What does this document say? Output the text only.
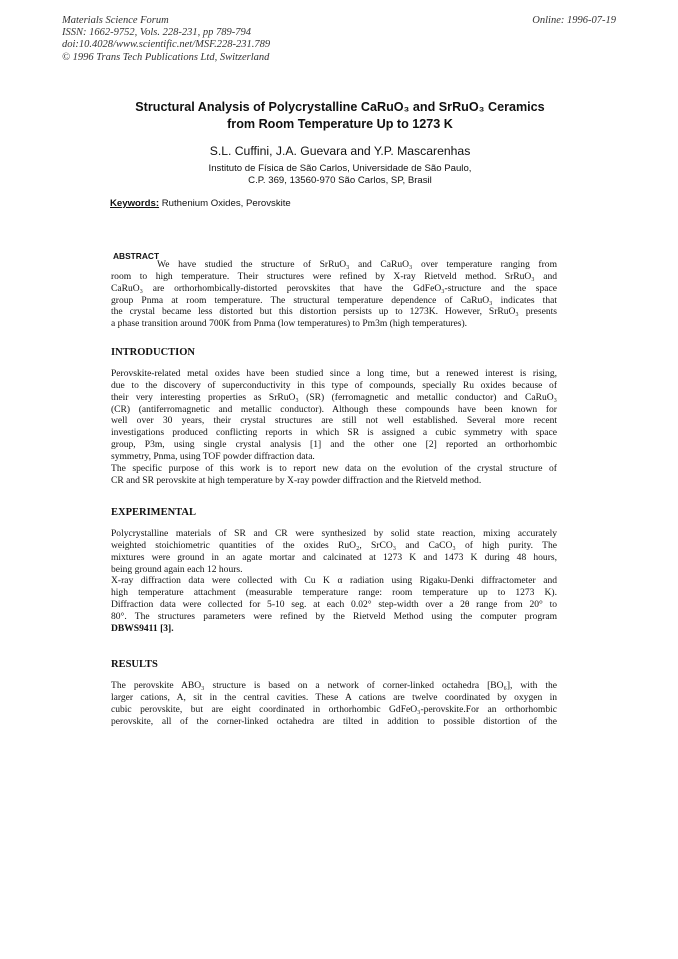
Materials Science Forum
ISSN: 1662-9752, Vols. 228-231, pp 789-794
doi:10.4028/www.scientific.net/MSF.228-231.789
© 1996 Trans Tech Publications Ltd, Switzerland
Online: 1996-07-19
Structural Analysis of Polycrystalline CaRuO₃ and SrRuO₃ Ceramics
from Room Temperature Up to 1273 K
S.L. Cuffini, J.A. Guevara and Y.P. Mascarenhas
Instituto de Física de São Carlos, Universidade de São Paulo,
C.P. 369, 13560-970 São Carlos, SP, Brasil
Keywords: Ruthenium Oxides, Perovskite
ABSTRACT
We have studied the structure of SrRuO₃ and CaRuO₃ over temperature ranging from
room to high temperature. Their structures were refined by X-ray Rietveld method. SrRuO₃ and
CaRuO₃ are orthorhombically-distorted perovskites that have the GdFeO₃-structure and the space
group Pnma at room temperature. The structural temperature dependence of CaRuO₃ indicates that
the crystal became less distorted but this distortion persists up to 1273K. However, SrRuO₃ presents
a phase transition around 700K from Pnma (low temperatures) to Pm3m (high temperatures).
INTRODUCTION
Perovskite-related metal oxides have been studied since a long time, but a renewed interest is rising,
due to the discovery of superconductivity in this type of compounds, specially Ru oxides because of
their very interesting properties as SrRuO₃ (SR) (ferromagnetic and metallic conductor) and CaRuO₃
(CR) (antiferromagnetic and metallic conductor). Although these compounds have been known for
well over 30 years, their crystal structures are still not well established. Several more recent
investigations produced conflicting reports in which SR is assigned a cubic symmetry with space
group, P3m, using single crystal analysis [1] and the other one [2] reported an orthorhombic
symmetry, Pnma, using TOF powder diffraction data.
The specific purpose of this work is to report new data on the evolution of the crystal structure of
CR and SR perovskite at high temperature by X-ray powder diffraction and the Rietveld method.
EXPERIMENTAL
Polycrystalline materials of SR and CR were synthesized by solid state reaction, mixing accurately
weighted stoichiometric quantities of the oxides RuO₂, SrCO₃ and CaCO₃ of high purity. The
mixtures were ground in an agate mortar and calcinated at 1273 K and 1473 K during 48 hours,
being ground again each 12 hours.
X-ray diffraction data were collected with Cu K α radiation using Rigaku-Denki diffractometer and
high temperature attachment (measurable temperature range: room temperature up to 1273 K).
Diffraction data were collected for 5-10 seg. at each 0.02° step-width over a 2θ range from 20° to
80°. The structures parameters were refined by the Rietveld Method using the computer program
DBWS9411 [3].
RESULTS
The perovskite ABO₃ structure is based on a network of corner-linked octahedra [BO₆], with the
larger cations, A, sit in the central cavities. These A cations are twelve coordinated by oxygen in
cubic perovskite, but are eight coordinated in orthorhombic GdFeO₃-perovskite.For an orthorhombic
perovskite, all of the corner-linked octahedra are tilted in addition to possible distortion of the
